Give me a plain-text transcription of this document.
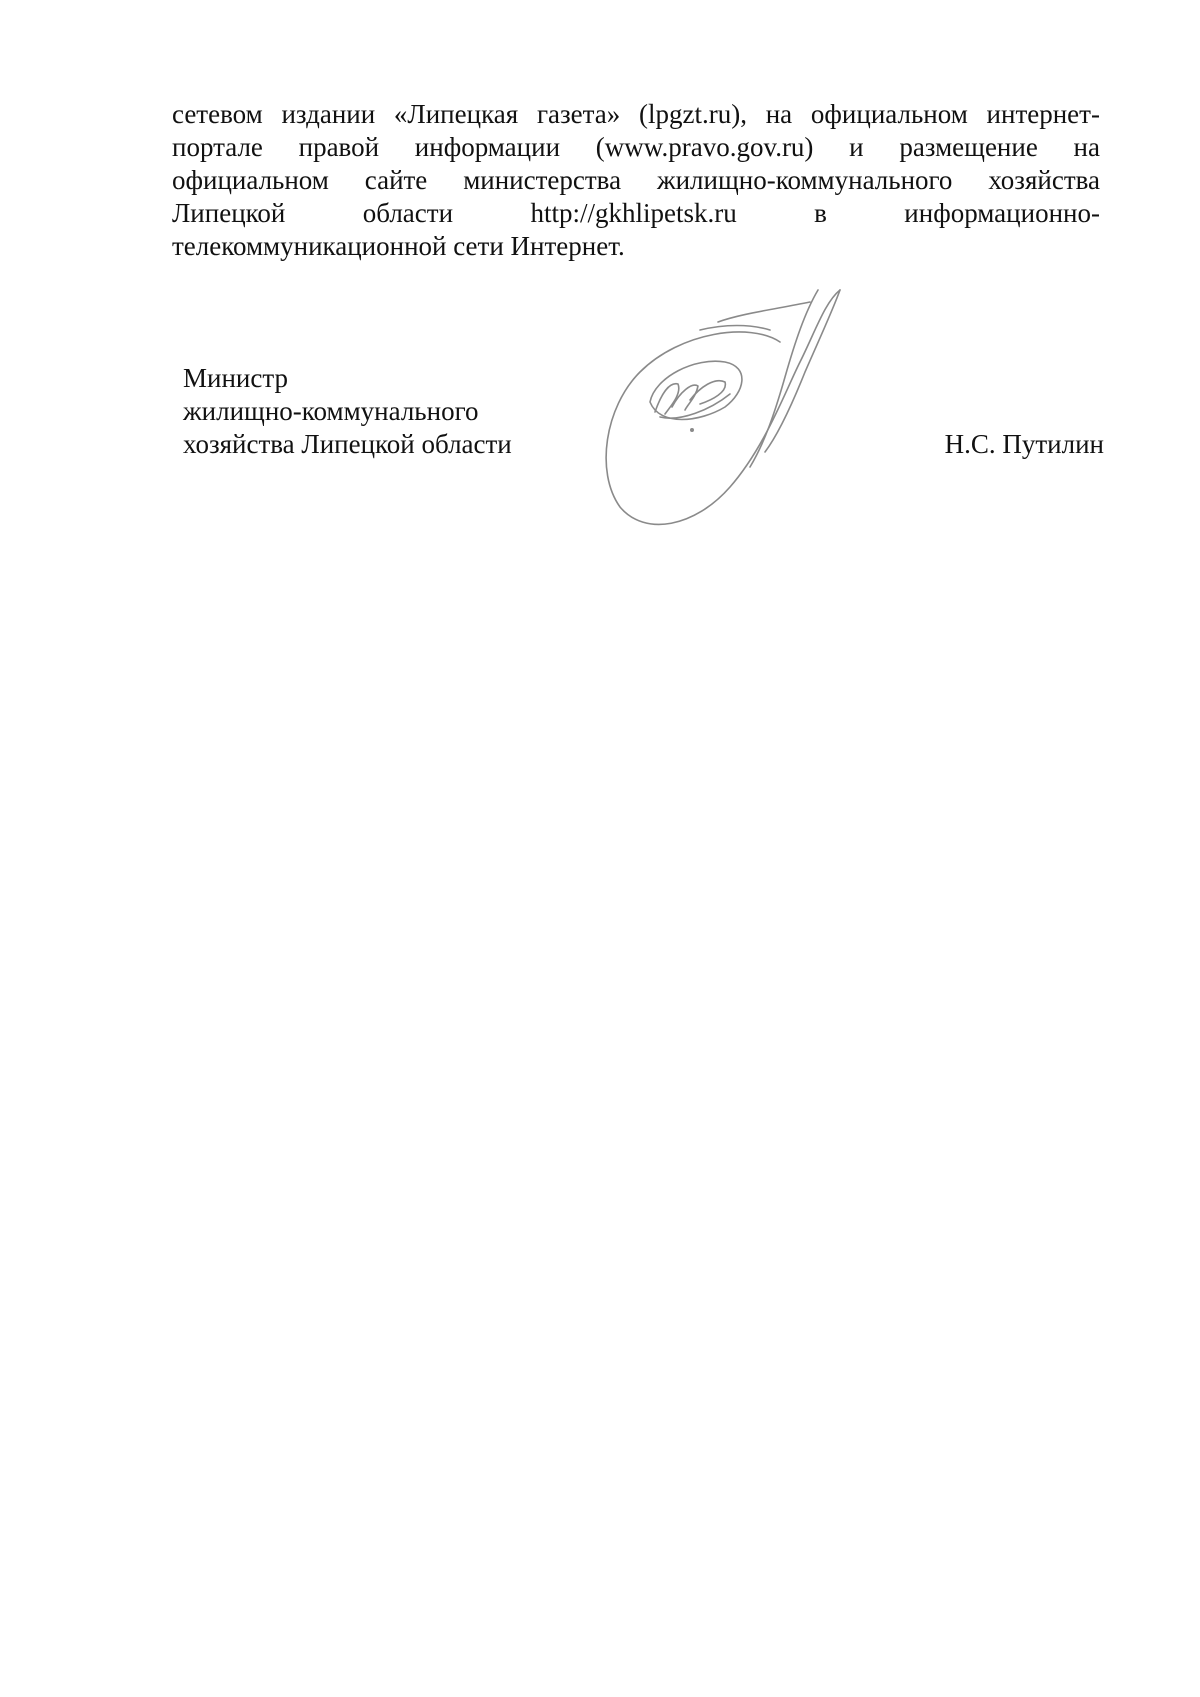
сетевом издании «Липецкая газета» (lpgzt.ru), на официальном интернет-
портале правой информации (www.pravo.gov.ru) и размещение на
официальном сайте министерства жилищно-коммунального хозяйства
Липецкой	области	http://gkhlipetsk.ru	в	информационно-
телекоммуникационной сети Интернет.
Министр
жилищно-коммунального
хозяйства Липецкой области	Н.С. Путилин
